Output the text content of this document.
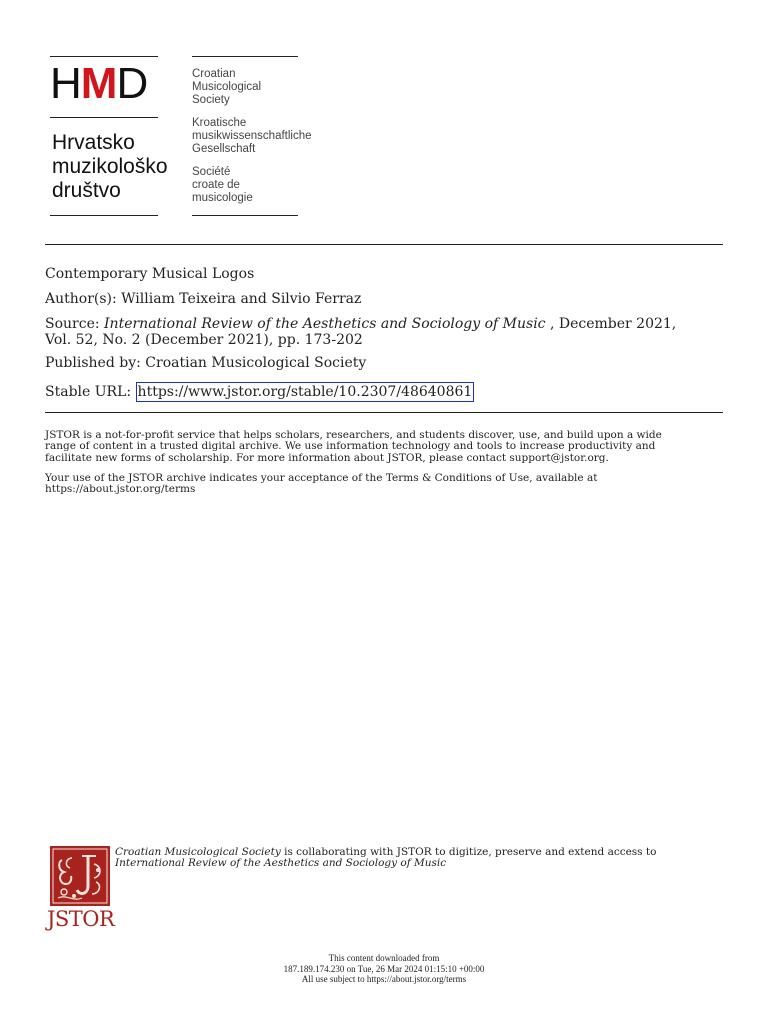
HMD
Hrvatsko
muzikološko
društvo
Croatian
Musicological
Society
Kroatische
musikwissenschaftliche
Gesellschaft
Société
croate de
musicologie
Contemporary Musical Logos
Author(s): William Teixeira and Silvio Ferraz
Source: International Review of the Aesthetics and Sociology of Music , December 2021,
Vol. 52, No. 2 (December 2021), pp. 173-202
Published by: Croatian Musicological Society
Stable URL: https://www.jstor.org/stable/10.2307/48640861
JSTOR is a not-for-profit service that helps scholars, researchers, and students discover, use, and build upon a wide
range of content in a trusted digital archive. We use information technology and tools to increase productivity and
facilitate new forms of scholarship. For more information about JSTOR, please contact support@jstor.org.
Your use of the JSTOR archive indicates your acceptance of the Terms & Conditions of Use, available at
https://about.jstor.org/terms
JSTOR
Croatian Musicological Society is collaborating with JSTOR to digitize, preserve and extend access to
International Review of the Aesthetics and Sociology of Music
This content downloaded from
187.189.174.230 on Tue, 26 Mar 2024 01:15:10 +00:00
All use subject to https://about.jstor.org/terms
